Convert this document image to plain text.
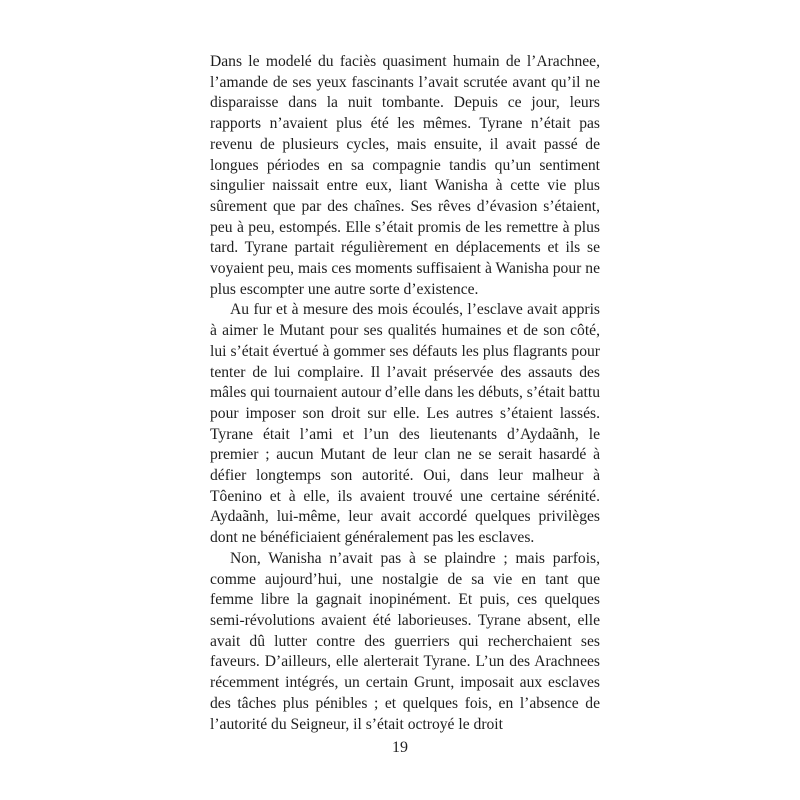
Dans le modelé du faciès quasiment humain de l’Arachnee, l’amande de ses yeux fascinants l’avait scrutée avant qu’il ne disparaisse dans la nuit tombante. Depuis ce jour, leurs rapports n’avaient plus été les mêmes. Tyrane n’était pas revenu de plusieurs cycles, mais ensuite, il avait passé de longues périodes en sa compagnie tandis qu’un sentiment singulier naissait entre eux, liant Wanisha à cette vie plus sûrement que par des chaînes. Ses rêves d’évasion s’étaient, peu à peu, estompés. Elle s’était promis de les remettre à plus tard. Tyrane partait régulièrement en déplacements et ils se voyaient peu, mais ces moments suffisaient à Wanisha pour ne plus escompter une autre sorte d’existence.

Au fur et à mesure des mois écoulés, l’esclave avait appris à aimer le Mutant pour ses qualités humaines et de son côté, lui s’était évertué à gommer ses défauts les plus flagrants pour tenter de lui complaire. Il l’avait préservée des assauts des mâles qui tournaient autour d’elle dans les débuts, s’était battu pour imposer son droit sur elle. Les autres s’étaient lassés. Tyrane était l’ami et l’un des lieutenants d’Aydaãnh, le premier ; aucun Mutant de leur clan ne se serait hasardé à défier longtemps son autorité. Oui, dans leur malheur à Tôenino et à elle, ils avaient trouvé une certaine sérénité. Aydaãnh, lui-même, leur avait accordé quelques privilèges dont ne bénéficiaient généralement pas les esclaves.

Non, Wanisha n’avait pas à se plaindre ; mais parfois, comme aujourd’hui, une nostalgie de sa vie en tant que femme libre la gagnait inopinément. Et puis, ces quelques semi-révolutions avaient été laborieuses. Tyrane absent, elle avait dû lutter contre des guerriers qui recherchaient ses faveurs. D’ailleurs, elle alerterait Tyrane. L’un des Arachnees récemment intégrés, un certain Grunt, imposait aux esclaves des tâches plus pénibles ; et quelques fois, en l’absence de l’autorité du Seigneur, il s’était octroyé le droit

19
